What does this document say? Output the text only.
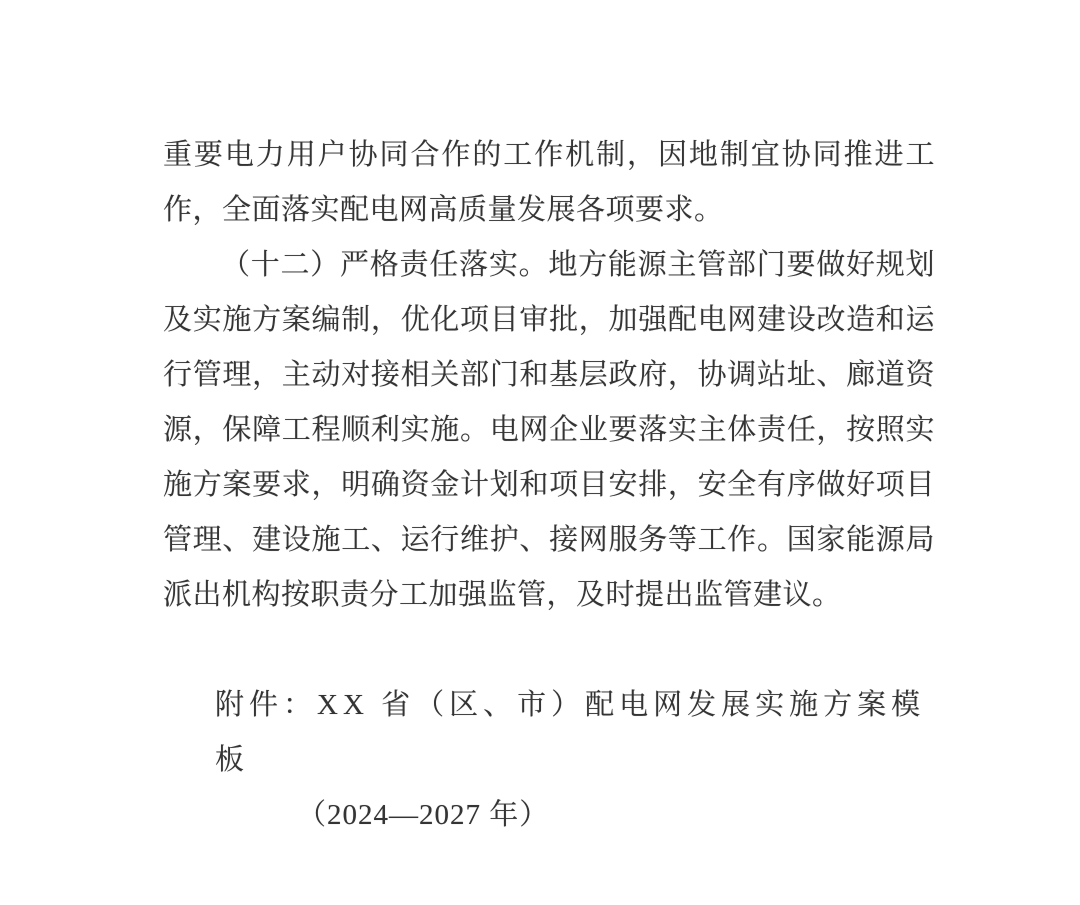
重要电力用户协同合作的工作机制，因地制宜协同推进工作，全面落实配电网高质量发展各项要求。

（十二）严格责任落实。地方能源主管部门要做好规划及实施方案编制，优化项目审批，加强配电网建设改造和运行管理，主动对接相关部门和基层政府，协调站址、廊道资源，保障工程顺利实施。电网企业要落实主体责任，按照实施方案要求，明确资金计划和项目安排，安全有序做好项目管理、建设施工、运行维护、接网服务等工作。国家能源局派出机构按职责分工加强监管，及时提出监管建议。

附件：XX 省（区、市）配电网发展实施方案模板

（2024—2027 年）
